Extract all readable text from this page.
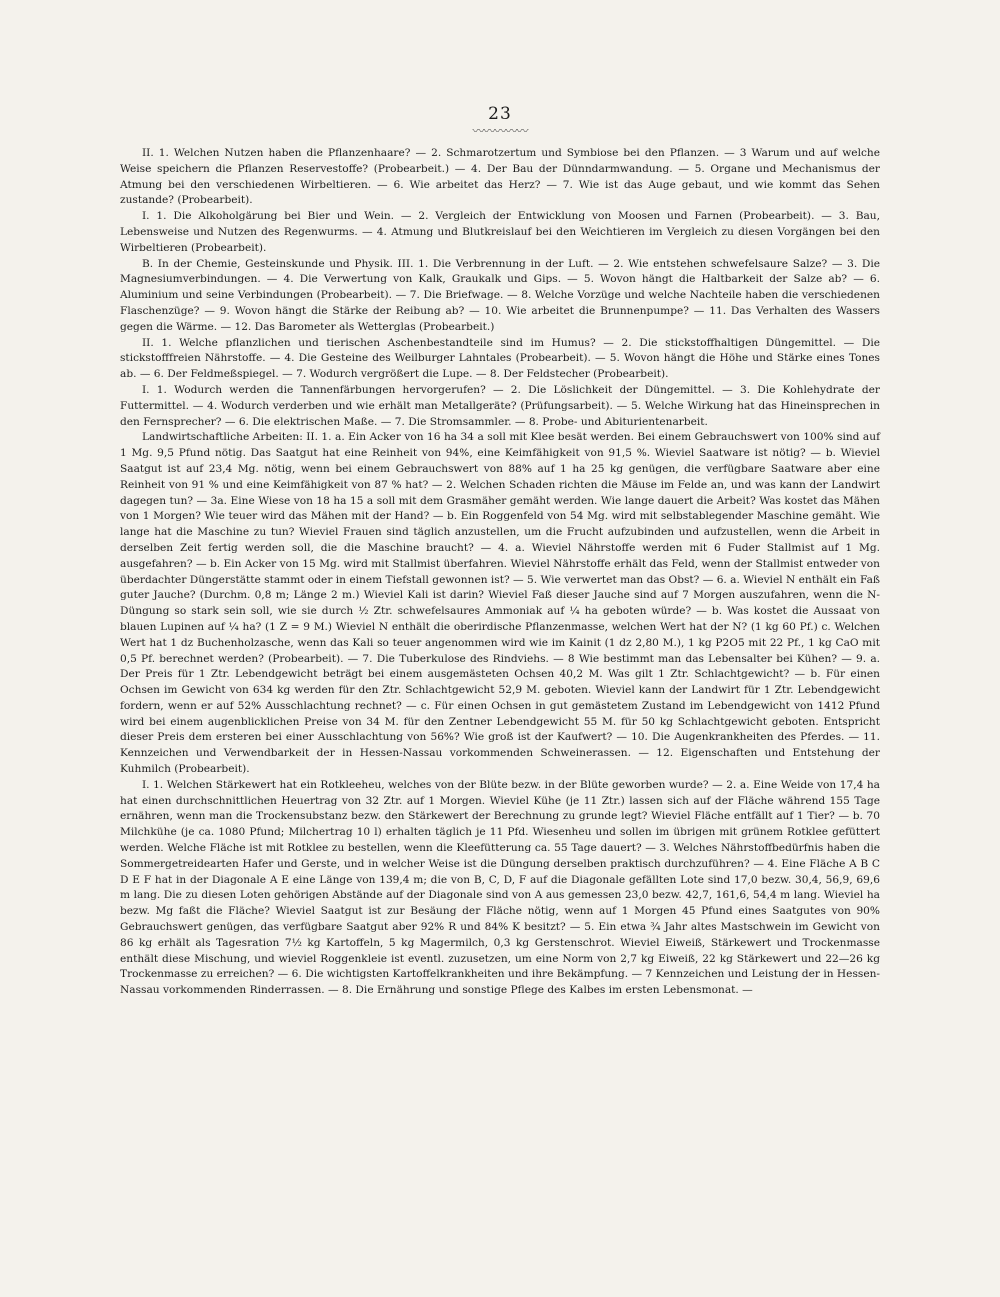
23
〰〰〰〰〰

II. 1. Welchen Nutzen haben die Pflanzenhaare? — 2. Schmarotzertum und Symbiose bei den Pflanzen. — 3 Warum und auf welche Weise speichern die Pflanzen Reservestoffe? (Probearbeit.) — 4. Der Bau der Dünndarmwandung. — 5. Organe und Mechanismus der Atmung bei den verschiedenen Wirbeltieren. — 6. Wie arbeitet das Herz? — 7. Wie ist das Auge gebaut, und wie kommt das Sehen zustande? (Probearbeit).

I. 1. Die Alkoholgärung bei Bier und Wein. — 2. Vergleich der Entwicklung von Moosen und Farnen (Probearbeit). — 3. Bau, Lebensweise und Nutzen des Regenwurms. — 4. Atmung und Blutkreislauf bei den Weichtieren im Vergleich zu diesen Vorgängen bei den Wirbeltieren (Probearbeit).

B. In der Chemie, Gesteinskunde und Physik. III. 1. Die Verbrennung in der Luft. — 2. Wie entstehen schwefelsaure Salze? — 3. Die Magnesiumverbindungen. — 4. Die Verwertung von Kalk, Graukalk und Gips. — 5. Wovon hängt die Haltbarkeit der Salze ab? — 6. Aluminium und seine Verbindungen (Probearbeit). — 7. Die Briefwage. — 8. Welche Vorzüge und welche Nachteile haben die verschiedenen Flaschenzüge? — 9. Wovon hängt die Stärke der Reibung ab? — 10. Wie arbeitet die Brunnenpumpe? — 11. Das Verhalten des Wassers gegen die Wärme. — 12. Das Barometer als Wetterglas (Probearbeit.)

II. 1. Welche pflanzlichen und tierischen Aschenbestandteile sind im Humus? — 2. Die stickstoffhaltigen Düngemittel. — Die stickstofffreien Nährstoffe. — 4. Die Gesteine des Weilburger Lahntales (Probearbeit). — 5. Wovon hängt die Höhe und Stärke eines Tones ab. — 6. Der Feldmeßspiegel. — 7. Wodurch vergrößert die Lupe. — 8. Der Feldstecher (Probearbeit).

I. 1. Wodurch werden die Tannenfärbungen hervorgerufen? — 2. Die Löslichkeit der Düngemittel. — 3. Die Kohlehydrate der Futtermittel. — 4. Wodurch verderben und wie erhält man Metallgeräte? (Prüfungsarbeit). — 5. Welche Wirkung hat das Hineinsprechen in den Fernsprecher? — 6. Die elektrischen Maße. — 7. Die Stromsammler. — 8. Probe- und Abiturientenarbeit.

Landwirtschaftliche Arbeiten: II. 1. a. Ein Acker von 16 ha 34 a soll mit Klee besät werden. Bei einem Gebrauchswert von 100% sind auf 1 Mg. 9,5 Pfund nötig. Das Saatgut hat eine Reinheit von 94%, eine Keimfähigkeit von 91,5 %. Wieviel Saatware ist nötig? — b. Wieviel Saatgut ist auf 23,4 Mg. nötig, wenn bei einem Gebrauchswert von 88% auf 1 ha 25 kg genügen, die verfügbare Saatware aber eine Reinheit von 91 % und eine Keimfähigkeit von 87 % hat? — 2. Welchen Schaden richten die Mäuse im Felde an, und was kann der Landwirt dagegen tun? — 3a. Eine Wiese von 18 ha 15 a soll mit dem Grasmäher gemäht werden. Wie lange dauert die Arbeit? Was kostet das Mähen von 1 Morgen? Wie teuer wird das Mähen mit der Hand? — b. Ein Roggenfeld von 54 Mg. wird mit selbstablegender Maschine gemäht. Wie lange hat die Maschine zu tun? Wieviel Frauen sind täglich anzustellen, um die Frucht aufzubinden und aufzustellen, wenn die Arbeit in derselben Zeit fertig werden soll, die die Maschine braucht? — 4. a. Wieviel Nährstoffe werden mit 6 Fuder Stallmist auf 1 Mg. ausgefahren? — b. Ein Acker von 15 Mg. wird mit Stallmist überfahren. Wieviel Nährstoffe erhält das Feld, wenn der Stallmist entweder von überdachter Düngerstätte stammt oder in einem Tiefstall gewonnen ist? — 5. Wie verwertet man das Obst? — 6. a. Wieviel N enthält ein Faß guter Jauche? (Durchm. 0,8 m; Länge 2 m.) Wieviel Kali ist darin? Wieviel Faß dieser Jauche sind auf 7 Morgen auszufahren, wenn die N-Düngung so stark sein soll, wie sie durch ½ Ztr. schwefelsaures Ammoniak auf ¼ ha geboten würde? — b. Was kostet die Aussaat von blauen Lupinen auf ¼ ha? (1 Z = 9 M.) Wieviel N enthält die oberirdische Pflanzenmasse, welchen Wert hat der N? (1 kg 60 Pf.) c. Welchen Wert hat 1 dz Buchenholzasche, wenn das Kali so teuer angenommen wird wie im Kainit (1 dz 2,80 M.), 1 kg P2O5 mit 22 Pf., 1 kg CaO mit 0,5 Pf. berechnet werden? (Probearbeit). — 7. Die Tuberkulose des Rindviehs. — 8 Wie bestimmt man das Lebensalter bei Kühen? — 9. a. Der Preis für 1 Ztr. Lebendgewicht beträgt bei einem ausgemästeten Ochsen 40,2 M. Was gilt 1 Ztr. Schlachtgewicht? — b. Für einen Ochsen im Gewicht von 634 kg werden für den Ztr. Schlachtgewicht 52,9 M. geboten. Wieviel kann der Landwirt für 1 Ztr. Lebendgewicht fordern, wenn er auf 52% Ausschlachtung rechnet? — c. Für einen Ochsen in gut gemästetem Zustand im Lebendgewicht von 1412 Pfund wird bei einem augenblicklichen Preise von 34 M. für den Zentner Lebendgewicht 55 M. für 50 kg Schlachtgewicht geboten. Entspricht dieser Preis dem ersteren bei einer Ausschlachtung von 56%? Wie groß ist der Kaufwert? — 10. Die Augenkrankheiten des Pferdes. — 11. Kennzeichen und Verwendbarkeit der in Hessen-Nassau vorkommenden Schweinerassen. — 12. Eigenschaften und Entstehung der Kuhmilch (Probearbeit).

I. 1. Welchen Stärkewert hat ein Rotkleeheu, welches von der Blüte bezw. in der Blüte geworben wurde? — 2. a. Eine Weide von 17,4 ha hat einen durchschnittlichen Heuertrag von 32 Ztr. auf 1 Morgen. Wieviel Kühe (je 11 Ztr.) lassen sich auf der Fläche während 155 Tage ernähren, wenn man die Trockensubstanz bezw. den Stärkewert der Berechnung zu grunde legt? Wieviel Fläche entfällt auf 1 Tier? — b. 70 Milchkühe (je ca. 1080 Pfund; Milchertrag 10 l) erhalten täglich je 11 Pfd. Wiesenheu und sollen im übrigen mit grünem Rotklee gefüttert werden. Welche Fläche ist mit Rotklee zu bestellen, wenn die Kleefütterung ca. 55 Tage dauert? — 3. Welches Nährstoffbedürfnis haben die Sommergetreidearten Hafer und Gerste, und in welcher Weise ist die Düngung derselben praktisch durchzuführen? — 4. Eine Fläche A B C D E F hat in der Diagonale A E eine Länge von 139,4 m; die von B, C, D, F auf die Diagonale gefällten Lote sind 17,0 bezw. 30,4, 56,9, 69,6 m lang. Die zu diesen Loten gehörigen Abstände auf der Diagonale sind von A aus gemessen 23,0 bezw. 42,7, 161,6, 54,4 m lang. Wieviel ha bezw. Mg faßt die Fläche? Wieviel Saatgut ist zur Besäung der Fläche nötig, wenn auf 1 Morgen 45 Pfund eines Saatgutes von 90% Gebrauchswert genügen, das verfügbare Saatgut aber 92% R und 84% K besitzt? — 5. Ein etwa ¾ Jahr altes Mastschwein im Gewicht von 86 kg erhält als Tagesration 7½ kg Kartoffeln, 5 kg Magermilch, 0,3 kg Gerstenschrot. Wieviel Eiweiß, Stärkewert und Trockenmasse enthält diese Mischung, und wieviel Roggenkleie ist eventl. zuzusetzen, um eine Norm von 2,7 kg Eiweiß, 22 kg Stärkewert und 22—26 kg Trockenmasse zu erreichen? — 6. Die wichtigsten Kartoffelkrankheiten und ihre Bekämpfung. — 7 Kennzeichen und Leistung der in Hessen-Nassau vorkommenden Rinderrassen. — 8. Die Ernährung und sonstige Pflege des Kalbes im ersten Lebensmonat. —
